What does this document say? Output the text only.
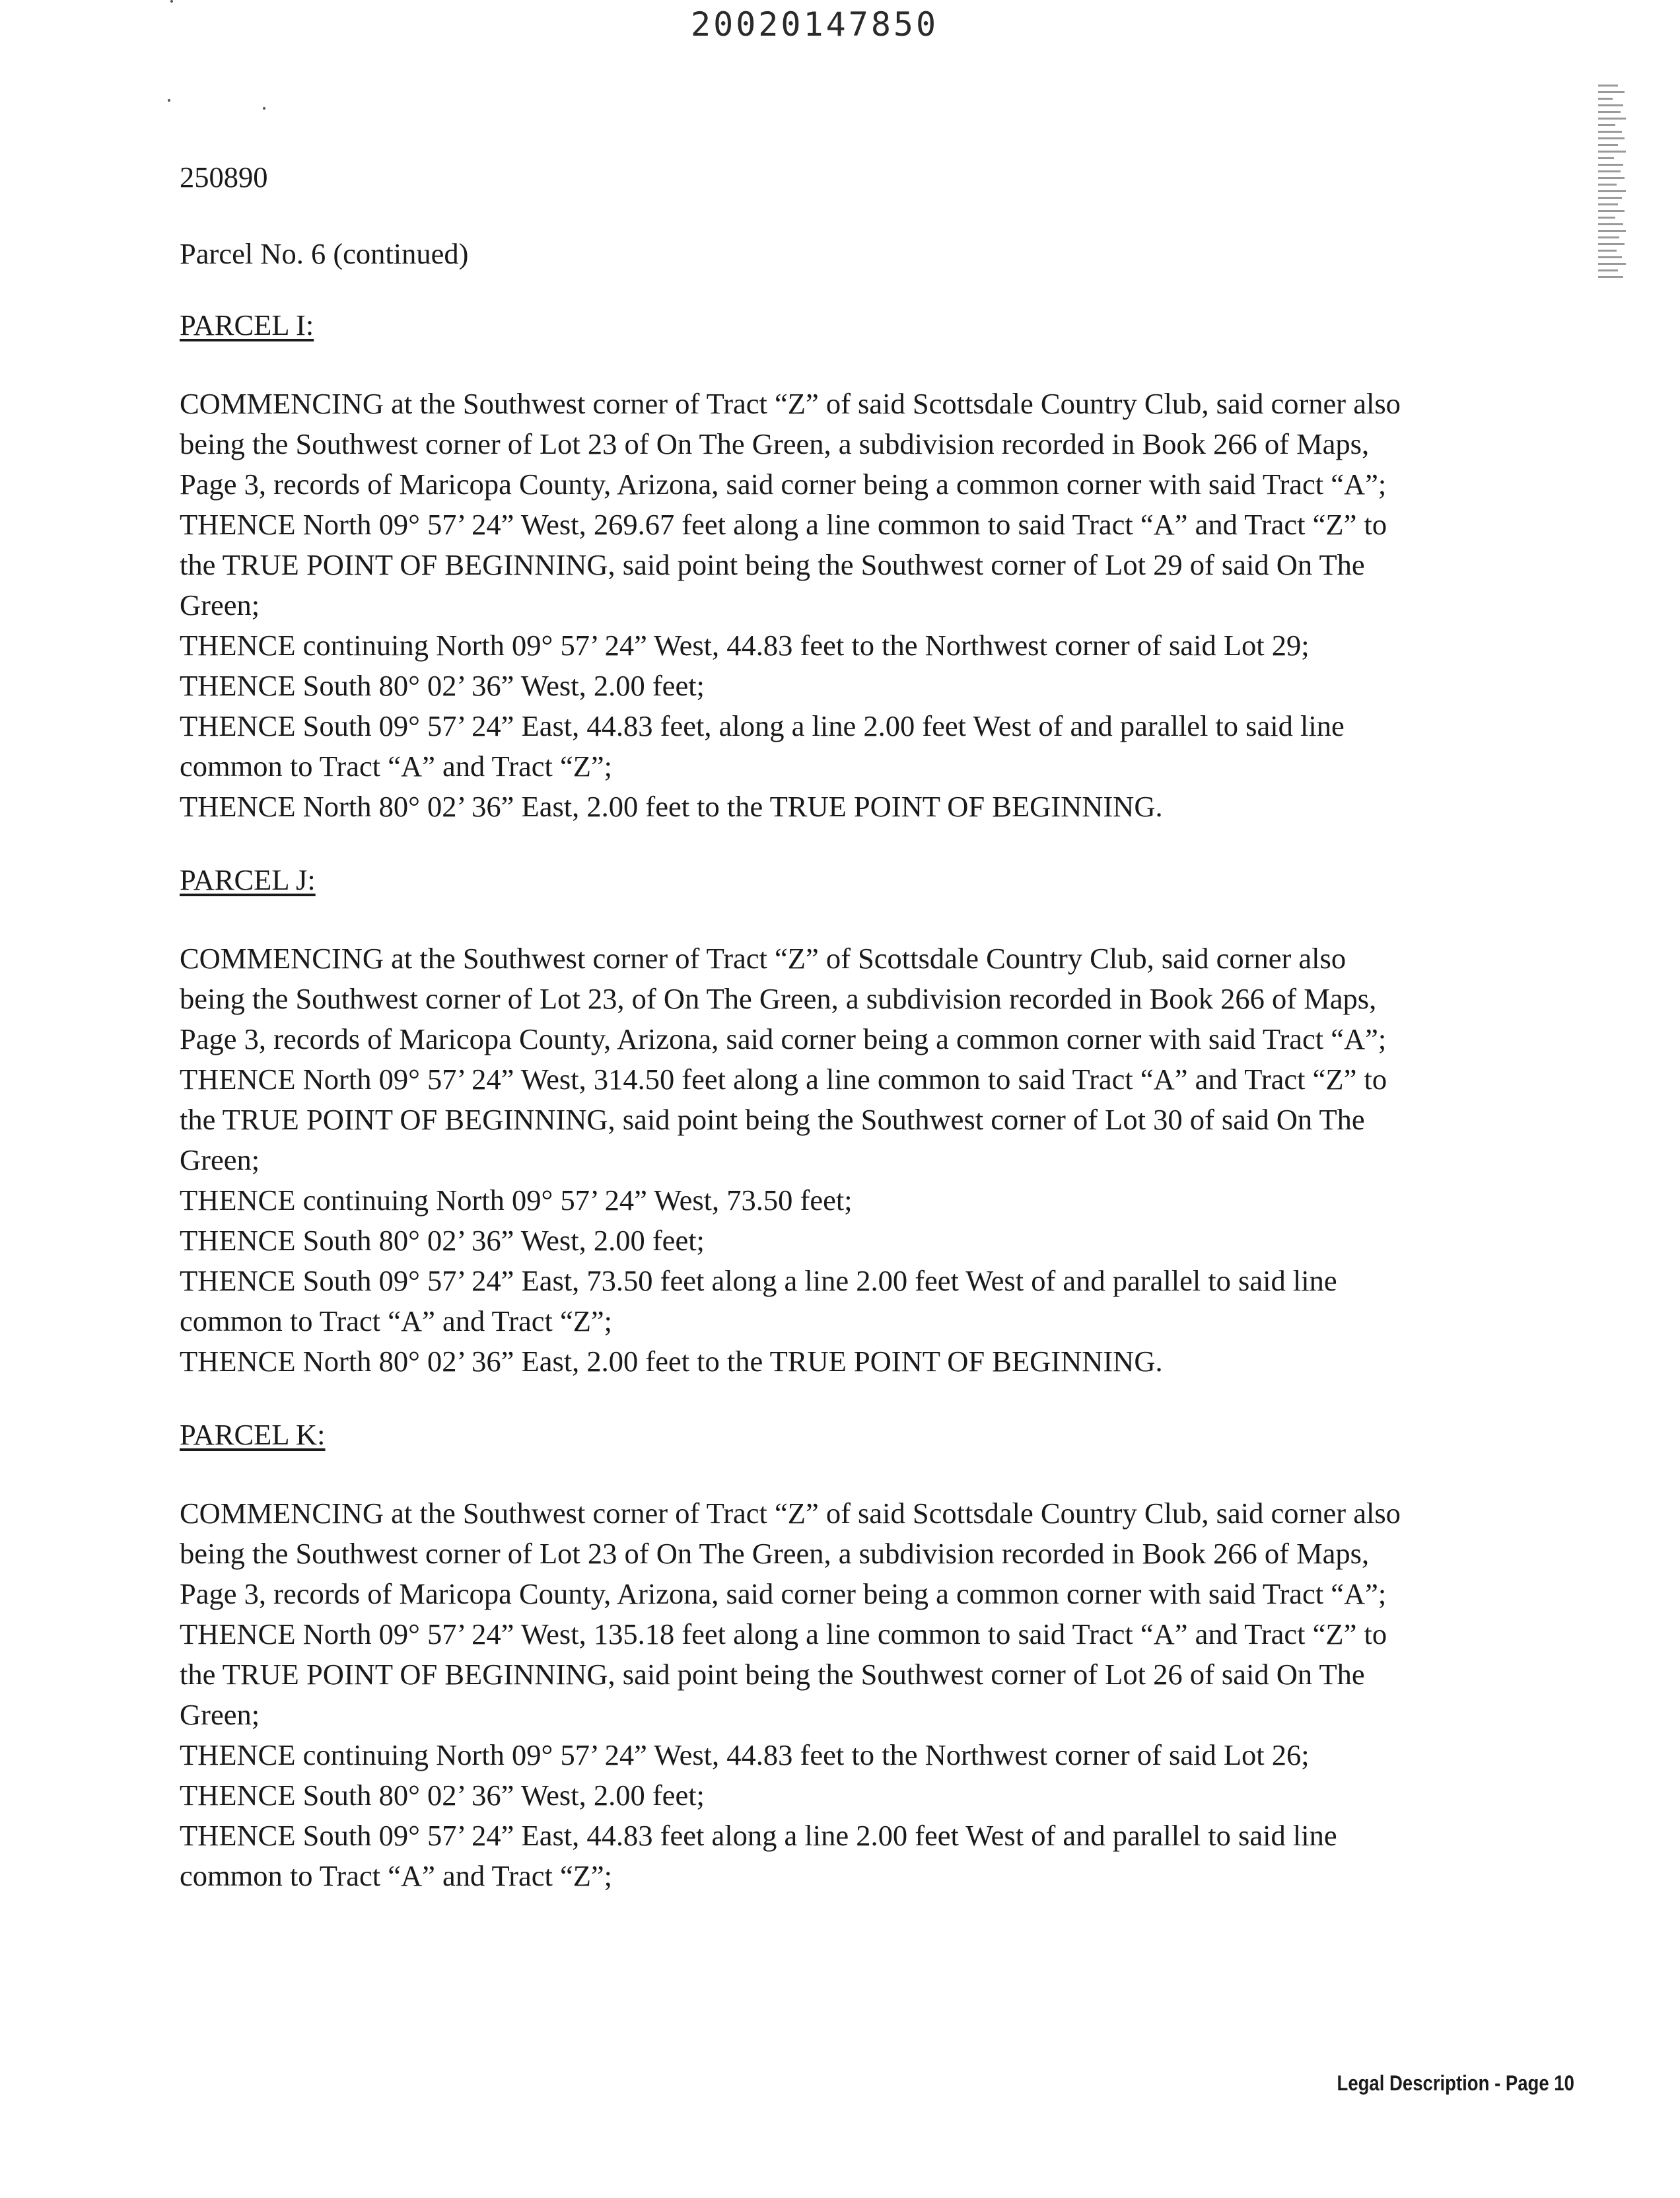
20020147850
250890
Parcel No. 6 (continued)
PARCEL I:
COMMENCING at the Southwest corner of Tract “Z” of said Scottsdale Country Club, said corner also
being the Southwest corner of Lot 23 of On The Green, a subdivision recorded in Book 266 of Maps,
Page 3, records of Maricopa County, Arizona, said corner being a common corner with said Tract “A”;
THENCE North 09° 57’ 24” West, 269.67 feet along a line common to said Tract “A” and Tract “Z” to
the TRUE POINT OF BEGINNING, said point being the Southwest corner of Lot 29 of said On The
Green;
THENCE continuing North 09° 57’ 24” West, 44.83 feet to the Northwest corner of said Lot 29;
THENCE South 80° 02’ 36” West, 2.00 feet;
THENCE South 09° 57’ 24” East, 44.83 feet, along a line 2.00 feet West of and parallel to said line
common to Tract “A” and Tract “Z”;
THENCE North 80° 02’ 36” East, 2.00 feet to the TRUE POINT OF BEGINNING.
PARCEL J:
COMMENCING at the Southwest corner of Tract “Z” of Scottsdale Country Club, said corner also
being the Southwest corner of Lot 23, of On The Green, a subdivision recorded in Book 266 of Maps,
Page 3, records of Maricopa County, Arizona, said corner being a common corner with said Tract “A”;
THENCE North 09° 57’ 24” West, 314.50 feet along a line common to said Tract “A” and Tract “Z” to
the TRUE POINT OF BEGINNING, said point being the Southwest corner of Lot 30 of said On The
Green;
THENCE continuing North 09° 57’ 24” West, 73.50 feet;
THENCE South 80° 02’ 36” West, 2.00 feet;
THENCE South 09° 57’ 24” East, 73.50 feet along a line 2.00 feet West of and parallel to said line
common to Tract “A” and Tract “Z”;
THENCE North 80° 02’ 36” East, 2.00 feet to the TRUE POINT OF BEGINNING.
PARCEL K:
COMMENCING at the Southwest corner of Tract “Z” of said Scottsdale Country Club, said corner also
being the Southwest corner of Lot 23 of On The Green, a subdivision recorded in Book 266 of Maps,
Page 3, records of Maricopa County, Arizona, said corner being a common corner with said Tract “A”;
THENCE North 09° 57’ 24” West, 135.18 feet along a line common to said Tract “A” and Tract “Z” to
the TRUE POINT OF BEGINNING, said point being the Southwest corner of Lot 26 of said On The
Green;
THENCE continuing North 09° 57’ 24” West, 44.83 feet to the Northwest corner of said Lot 26;
THENCE South 80° 02’ 36” West, 2.00 feet;
THENCE South 09° 57’ 24” East, 44.83 feet along a line 2.00 feet West of and parallel to said line
common to Tract “A” and Tract “Z”;
Legal Description - Page 10
